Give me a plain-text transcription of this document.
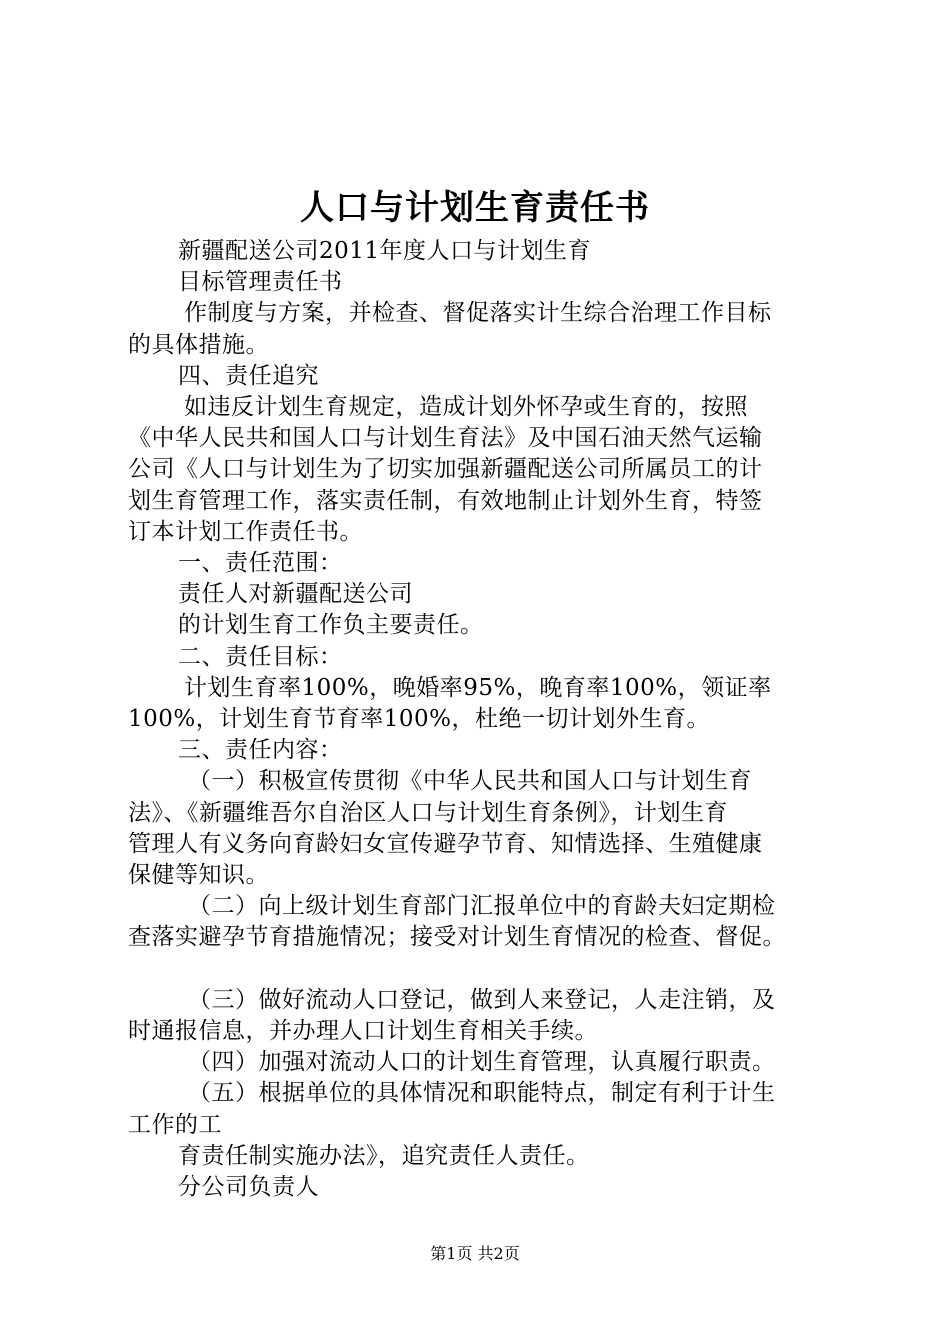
人口与计划生育责任书

新疆配送公司2011年度人口与计划生育

目标管理责任书

作制度与方案，并检查、督促落实计生综合治理工作目标

的具体措施。

四、责任追究

如违反计划生育规定，造成计划外怀孕或生育的，按照

《中华人民共和国人口与计划生育法》及中国石油天然气运输

公司《人口与计划生为了切实加强新疆配送公司所属员工的计

划生育管理工作，落实责任制，有效地制止计划外生育，特签

订本计划工作责任书。

一、责任范围：

责任人对新疆配送公司

的计划生育工作负主要责任。

二、责任目标：

计划生育率100%，晚婚率95%，晚育率100%，领证率

100%，计划生育节育率100%，杜绝一切计划外生育。

三、责任内容：

（一）积极宣传贯彻《中华人民共和国人口与计划生育

法》、《新疆维吾尔自治区人口与计划生育条例》，计划生育

管理人有义务向育龄妇女宣传避孕节育、知情选择、生殖健康

保健等知识。

（二）向上级计划生育部门汇报单位中的育龄夫妇定期检

查落实避孕节育措施情况；接受对计划生育情况的检查、督促。

（三）做好流动人口登记，做到人来登记，人走注销，及

时通报信息，并办理人口计划生育相关手续。

（四）加强对流动人口的计划生育管理，认真履行职责。

（五）根据单位的具体情况和职能特点，制定有利于计生

工作的工

育责任制实施办法》，追究责任人责任。

分公司负责人

第1页 共2页
